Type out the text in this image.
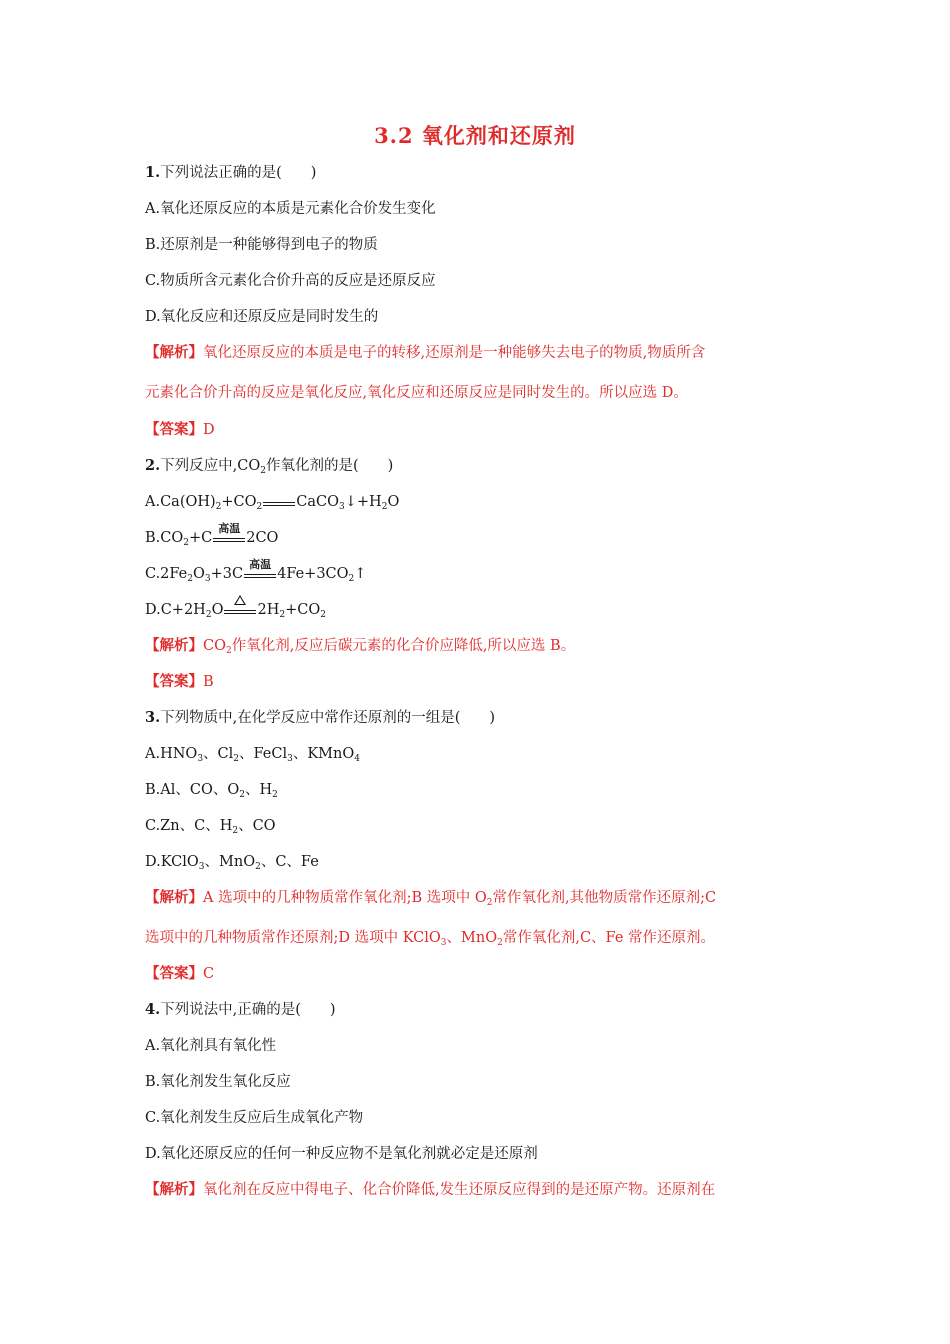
3.2 氧化剂和还原剂
1.下列说法正确的是(　　)
A.氧化还原反应的本质是元素化合价发生变化
B.还原剂是一种能够得到电子的物质
C.物质所含元素化合价升高的反应是还原反应
D.氧化反应和还原反应是同时发生的
【解析】氧化还原反应的本质是电子的转移,还原剂是一种能够失去电子的物质,物质所含
元素化合价升高的反应是氧化反应,氧化反应和还原反应是同时发生的。所以应选 D。
【答案】D
2.下列反应中$,CO_2$作氧化剂的是(　　)
$A.Ca(OH)_2+CO_2$ $CaCO_3↓+H_2O$
$B.CO_2+C$
高温
2CO
$C.2Fe_2O_3+3C$
高温
$4Fe+3CO_2↑$
$D.C+2H_2O$ $2H_2+CO_2$
【解析】$CO_2$作氧化剂,反应后碳元素的化合价应降低,所以应选 B。
【答案】B
3.下列物质中,在化学反应中常作还原剂的一组是(　　)
$A.HNO_3$、$Cl_2$、FeCl$_3$、KMnO$_4$
B.Al、CO、$O_2$、$H_2$
C.Zn、C、$H_2$、CO
D.KClO$_3$、MnO$_2$、C、Fe
【解析】A 选项中的几种物质常作氧化剂;B 选项中 $O_2$常作氧化剂,其他物质常作还原剂;C
选项中的几种物质常作还原剂;D 选项中 KClO$_3$、MnO$_2$常作氧化剂,C、Fe 常作还原剂。
【答案】C
4.下列说法中,正确的是(　　)
A.氧化剂具有氧化性
B.氧化剂发生氧化反应
C.氧化剂发生反应后生成氧化产物
D.氧化还原反应的任何一种反应物不是氧化剂就必定是还原剂
【解析】氧化剂在反应中得电子、化合价降低,发生还原反应得到的是还原产物。还原剂在
